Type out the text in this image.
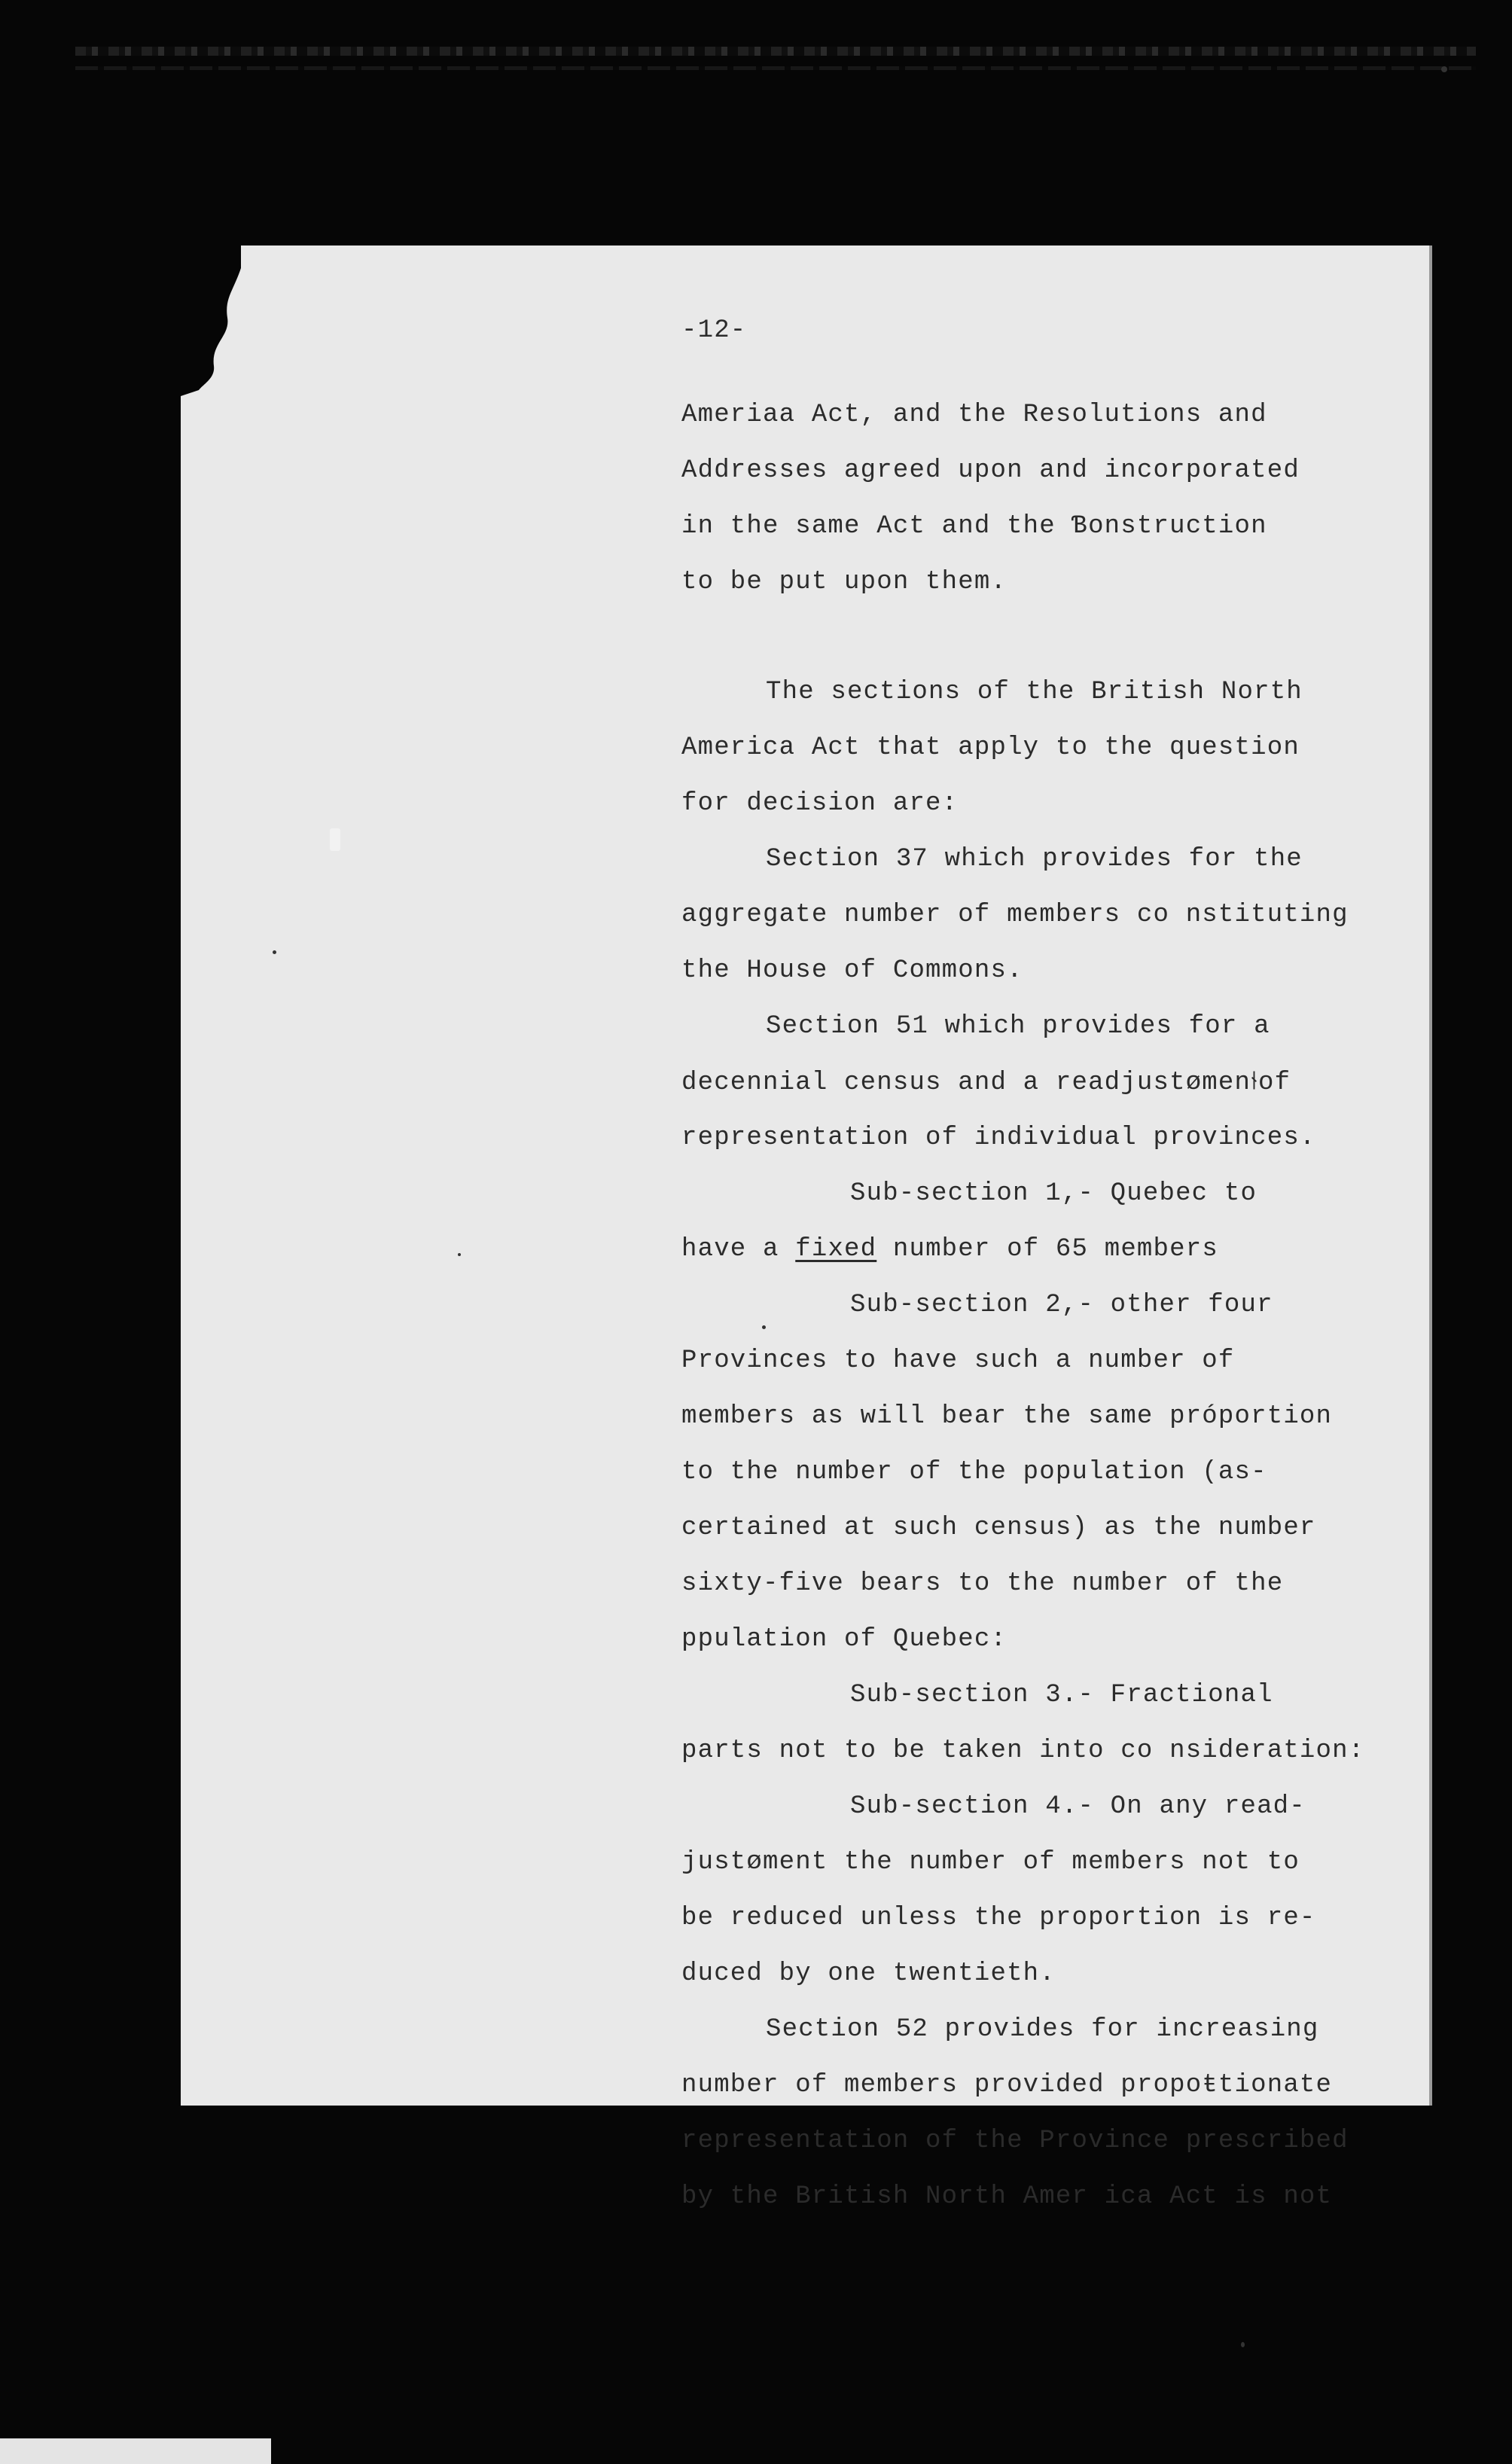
-12-
Ameriaa Act, and the Resolutions and
Addresses agreed upon and incorporated
in the same Act and the Ɓonstruction
to be put upon them.
The sections of the British North
America Act that apply to the question
for decision are:
Section 37 which provides for the
aggregate number of members co nstituting
the House of Commons.
Section 51 which provides for a
decennial census and a readjustømen⫮of
representation of individual provinces.
Sub-section 1,- Quebec to
have a fixed number of 65 members
Sub-section 2,- other four
Provinces to have such a number of
members as will bear the same próportion
to the number of the population (as-
certained at such census) as the number
sixty-five bears to the number of the
ppulation of Quebec:
Sub-section 3.- Fractional
parts not to be taken into co nsideration:
Sub-section 4.- On any read-
justøment the number of members not to
be reduced unless the proportion is re-
duced by one twentieth.
Section 52 provides for increasing
number of members provided propoŧtionate
representation of the Province prescribed
by the British North Amer ica Act is not
